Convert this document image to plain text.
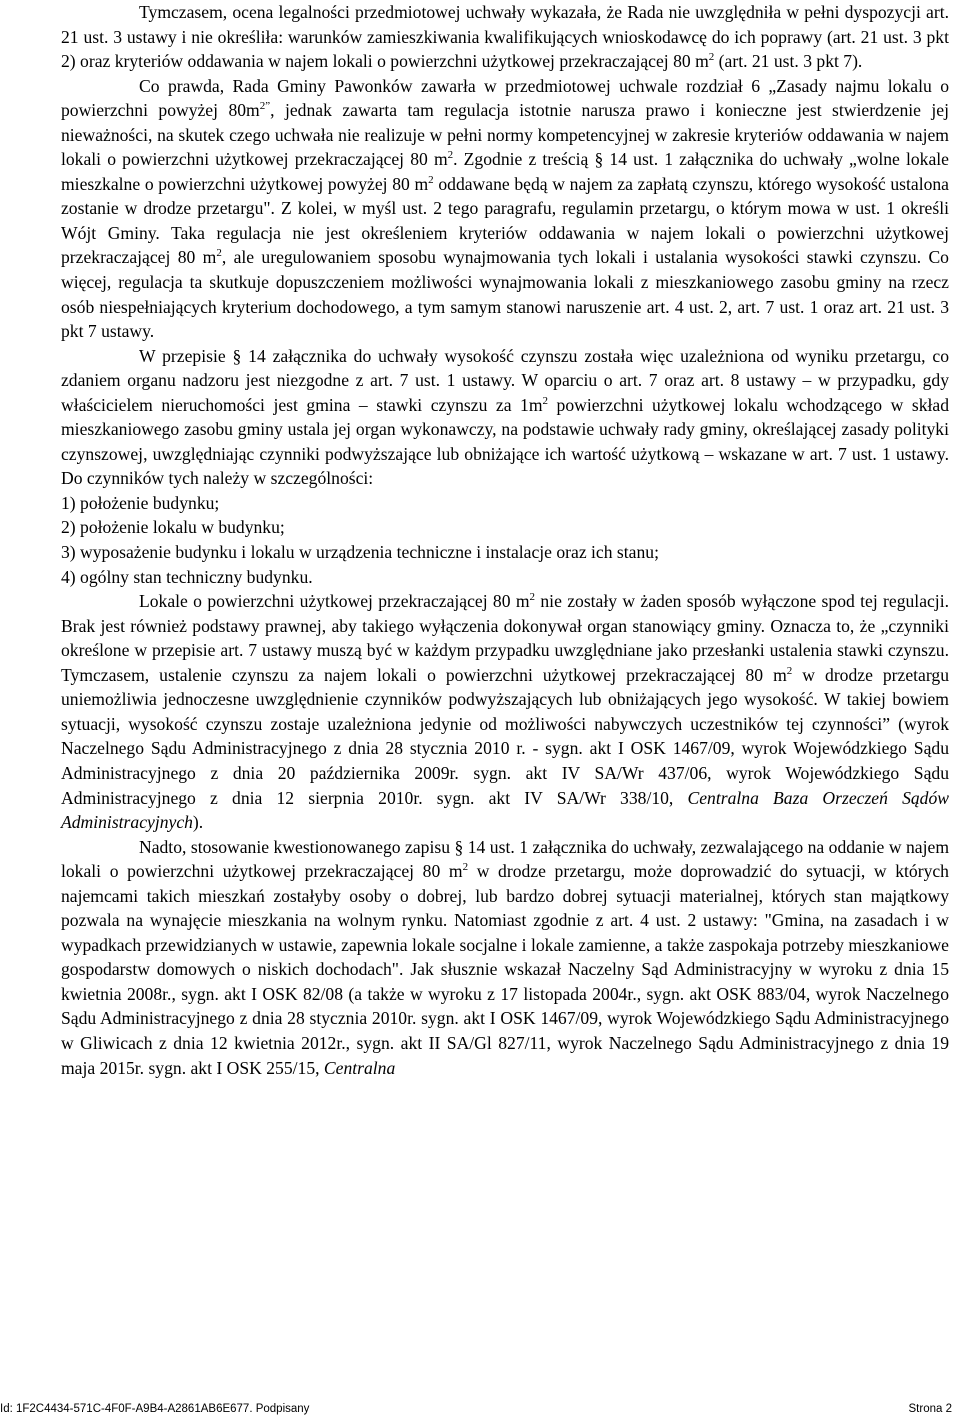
Tymczasem, ocena legalności przedmiotowej uchwały wykazała, że Rada nie uwzględniła w pełni dyspozycji art. 21 ust. 3 ustawy i nie określiła: warunków zamieszkiwania kwalifikujących wnioskodawcę do ich poprawy (art. 21 ust. 3 pkt 2) oraz kryteriów oddawania w najem lokali o powierzchni użytkowej przekraczającej 80 $m^2$ (art. 21 ust. 3 pkt 7).

Co prawda, Rada Gminy Pawonków zawarła w przedmiotowej uchwale rozdział 6 „Zasady najmu lokalu o powierzchni powyżej $80m^{2”}$, jednak zawarta tam regulacja istotnie narusza prawo i konieczne jest stwierdzenie jej nieważności, na skutek czego uchwała nie realizuje w pełni normy kompetencyjnej w zakresie kryteriów oddawania w najem lokali o powierzchni użytkowej przekraczającej 80 $m^2$. Zgodnie z treścią § 14 ust. 1 załącznika do uchwały „wolne lokale mieszkalne o powierzchni użytkowej powyżej 80 $m^2$ oddawane będą w najem za zapłatą czynszu, którego wysokość ustalona zostanie w drodze przetargu". Z kolei, w myśl ust. 2 tego paragrafu, regulamin przetargu, o którym mowa w ust. 1 określi Wójt Gminy. Taka regulacja nie jest określeniem kryteriów oddawania w najem lokali o powierzchni użytkowej przekraczającej 80 $m^2$, ale uregulowaniem sposobu wynajmowania tych lokali i ustalania wysokości stawki czynszu. Co więcej, regulacja ta skutkuje dopuszczeniem możliwości wynajmowania lokali z mieszkaniowego zasobu gminy na rzecz osób niespełniających kryterium dochodowego, a tym samym stanowi naruszenie art. 4 ust. 2, art. 7 ust. 1 oraz art. 21 ust. 3 pkt 7 ustawy.

W przepisie § 14 załącznika do uchwały wysokość czynszu została więc uzależniona od wyniku przetargu, co zdaniem organu nadzoru jest niezgodne z art. 7 ust. 1 ustawy. W oparciu o art. 7 oraz art. 8 ustawy – w przypadku, gdy właścicielem nieruchomości jest gmina – stawki czynszu za $1m^2$ powierzchni użytkowej lokalu wchodzącego w skład mieszkaniowego zasobu gminy ustala jej organ wykonawczy, na podstawie uchwały rady gminy, określającej zasady polityki czynszowej, uwzględniając czynniki podwyższające lub obniżające ich wartość użytkową – wskazane w art. 7 ust. 1 ustawy. Do czynników tych należy w szczególności:

1) położenie budynku;

2) położenie lokalu w budynku;

3) wyposażenie budynku i lokalu w urządzenia techniczne i instalacje oraz ich stanu;

4) ogólny stan techniczny budynku.

Lokale o powierzchni użytkowej przekraczającej 80 $m^2$ nie zostały w żaden sposób wyłączone spod tej regulacji. Brak jest również podstawy prawnej, aby takiego wyłączenia dokonywał organ stanowiący gminy. Oznacza to, że „czynniki określone w przepisie art. 7 ustawy muszą być w każdym przypadku uwzględniane jako przesłanki ustalenia stawki czynszu. Tymczasem, ustalenie czynszu za najem lokali o powierzchni użytkowej przekraczającej 80 $m^2$ w drodze przetargu uniemożliwia jednoczesne uwzględnienie czynników podwyższających lub obniżających jego wysokość. W takiej bowiem sytuacji, wysokość czynszu zostaje uzależniona jedynie od możliwości nabywczych uczestników tej czynności” (wyrok Naczelnego Sądu Administracyjnego z dnia 28 stycznia 2010 r. - sygn. akt I OSK 1467/09, wyrok Wojewódzkiego Sądu Administracyjnego z dnia 20 października 2009r. sygn. akt IV SA/Wr 437/06, wyrok Wojewódzkiego Sądu Administracyjnego z dnia 12 sierpnia 2010r. sygn. akt IV SA/Wr 338/10, Centralna Baza Orzeczeń Sądów Administracyjnych).

Nadto, stosowanie kwestionowanego zapisu § 14 ust. 1 załącznika do uchwały, zezwalającego na oddanie w najem lokali o powierzchni użytkowej przekraczającej 80 $m^2$ w drodze przetargu, może doprowadzić do sytuacji, w których najemcami takich mieszkań zostałyby osoby o dobrej, lub bardzo dobrej sytuacji materialnej, których stan majątkowy pozwala na wynajęcie mieszkania na wolnym rynku. Natomiast zgodnie z art. 4 ust. 2 ustawy: "Gmina, na zasadach i w wypadkach przewidzianych w ustawie, zapewnia lokale socjalne i lokale zamienne, a także zaspokaja potrzeby mieszkaniowe gospodarstw domowych o niskich dochodach". Jak słusznie wskazał Naczelny Sąd Administracyjny w wyroku z dnia 15 kwietnia 2008r., sygn. akt I OSK 82/08 (a także w wyroku z 17 listopada 2004r., sygn. akt OSK 883/04, wyrok Naczelnego Sądu Administracyjnego z dnia 28 stycznia 2010r. sygn. akt I OSK 1467/09, wyrok Wojewódzkiego Sądu Administracyjnego w Gliwicach z dnia 12 kwietnia 2012r., sygn. akt II SA/Gl 827/11, wyrok Naczelnego Sądu Administracyjnego z dnia 19 maja 2015r. sygn. akt I OSK 255/15, Centralna

Id: 1F2C4434-571C-4F0F-A9B4-A2861AB6E677. Podpisany	Strona 2
